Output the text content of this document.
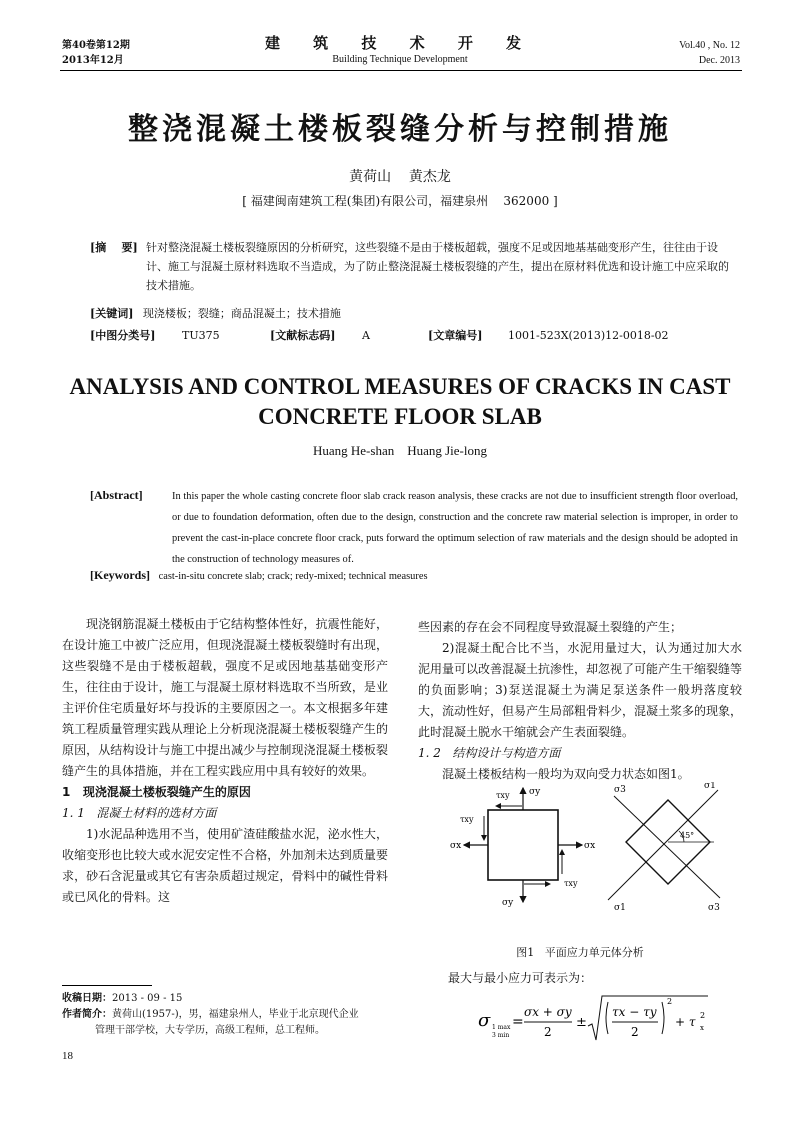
第40卷第12期
2013年12月
建 筑 技 术 开 发
Building Technique Development
Vol.40 , No. 12
Dec. 2013
整浇混凝土楼板裂缝分析与控制措施
黄荷山    黄杰龙
[ 福建闽南建筑工程(集团)有限公司，福建泉州    362000 ]
[摘    要] 针对整浇混凝土楼板裂缝原因的分析研究，这些裂缝不是由于楼板超载，强度不足或因地基基础变形产生，往往由于设计、施工与混凝土原材料选取不当造成，为了防止整浇混凝土楼板裂缝的产生，提出在原材料优选和设计施工中应采取的技术措施。
[关键词] 现浇楼板；裂缝；商品混凝土；技术措施
[中图分类号] TU375	[文献标志码] A	[文章编号] 1001-523X(2013)12-0018-02
ANALYSIS AND CONTROL MEASURES OF CRACKS IN CAST
CONCRETE FLOOR SLAB
Huang He-shan    Huang Jie-long
[Abstract]	In this paper the whole casting concrete floor slab crack reason analysis, these cracks are not due to insufficient strength floor overload, or due to foundation deformation, often due to the design, construction and the concrete raw material selection is improper, in order to prevent the cast-in-place concrete floor crack, puts forward the optimum selection of raw materials and the design should be adopted in the construction of technology measures of.
[Keywords] cast-in-situ concrete slab; crack; redy-mixed; technical measures

现浇钢筋混凝土楼板由于它结构整体性好，抗震性能好，在设计施工中被广泛应用，但现浇混凝土楼板裂缝时有出现，这些裂缝不是由于楼板超载，强度不足或因地基基础变形产生，往往由于设计，施工与混凝土原材料选取不当所致，是业主评价住宅质量好坏与投诉的主要原因之一。本文根据多年建筑工程质量管理实践从理论上分析现浇混凝土楼板裂缝产生的原因，从结构设计与施工中提出减少与控制现浇混凝土楼板裂缝产生的具体措施，并在工程实践应用中具有较好的效果。

1   现浇混凝土楼板裂缝产生的原因

1. 1   混凝土材料的选材方面

1)水泥品种选用不当，使用矿渣硅酸盐水泥，泌水性大，收缩变形也比较大或水泥安定性不合格，外加剂未达到质量要求，砂石含泥量或其它有害杂质超过规定，骨料中的碱性骨料或已风化的骨料。这

些因素的存在会不同程度导致混凝土裂缝的产生；

2)混凝土配合比不当，水泥用量过大，认为通过加大水泥用量可以改善混凝土抗渗性，却忽视了可能产生干缩裂缝等的负面影响；3)泵送混凝土为满足泵送条件一般坍落度较大，流动性好，但易产生局部粗骨料少，混凝土浆多的现象，此时混凝土脱水干缩就会产生表面裂缝。

1. 2   结构设计与构造方面

混凝土楼板结构一般均为双向受力状态如图1。

σy
σy
σx	σx
τxy
τxy
τxy
45°
σ1
σ1
σ3
σ3
图1   平面应力单元体分析
最大与最小应力可表示为：
σ 1 max
3 min
=
σx + σy
2
±
τx − τy
2
2
+ τ 2
x
收稿日期：2013 - 09 - 15
作者简介：黄荷山(1957-)，男，福建泉州人，毕业于北京现代企业
管理干部学校，大专学历，高级工程师，总工程师。
18
